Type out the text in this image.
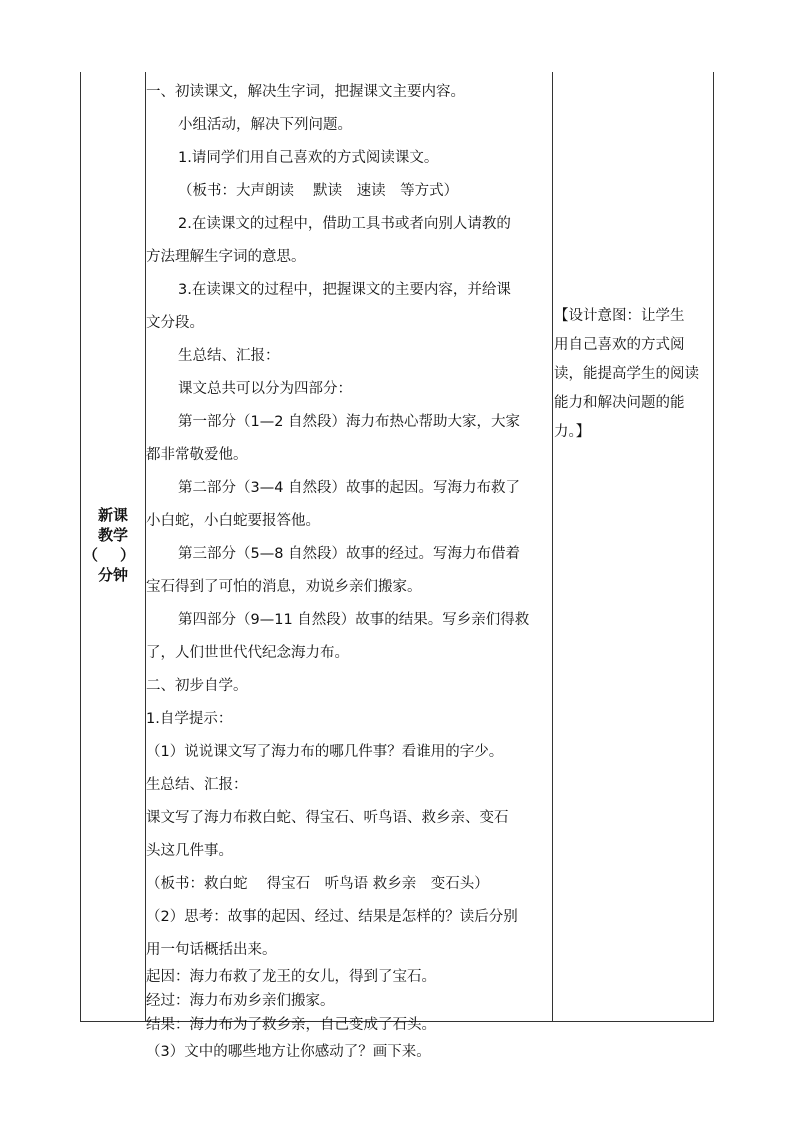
新课
教学
（ ）
分钟
一、初读课文，解决生字词，把握课文主要内容。
小组活动，解决下列问题。
1.请同学们用自己喜欢的方式阅读课文。
（板书：大声朗读　 默读　速读　等方式）
2.在读课文的过程中，借助工具书或者向别人请教的
方法理解生字词的意思。
3.在读课文的过程中，把握课文的主要内容，并给课
文分段。
生总结、汇报：
课文总共可以分为四部分：
第一部分（1—2 自然段）海力布热心帮助大家，大家
都非常敬爱他。
第二部分（3—4 自然段）故事的起因。写海力布救了
小白蛇，小白蛇要报答他。
第三部分（5—8 自然段）故事的经过。写海力布借着
宝石得到了可怕的消息，劝说乡亲们搬家。
第四部分（9—11 自然段）故事的结果。写乡亲们得救
了，人们世世代代纪念海力布。
二、初步自学。
1.自学提示：
（1）说说课文写了海力布的哪几件事？看谁用的字少。
生总结、汇报：
课文写了海力布救白蛇、得宝石、听鸟语、救乡亲、变石
头这几件事。
（板书：救白蛇　 得宝石　听鸟语 救乡亲　变石头）
（2）思考：故事的起因、经过、结果是怎样的？读后分别
用一句话概括出来。
起因：海力布救了龙王的女儿，得到了宝石。
经过：海力布劝乡亲们搬家。
结果：海力布为了救乡亲，自己变成了石头。
（3）文中的哪些地方让你感动了？画下来。
【设计意图：让学生
用自己喜欢的方式阅
读，能提高学生的阅读
能力和解决问题的能
力。】
